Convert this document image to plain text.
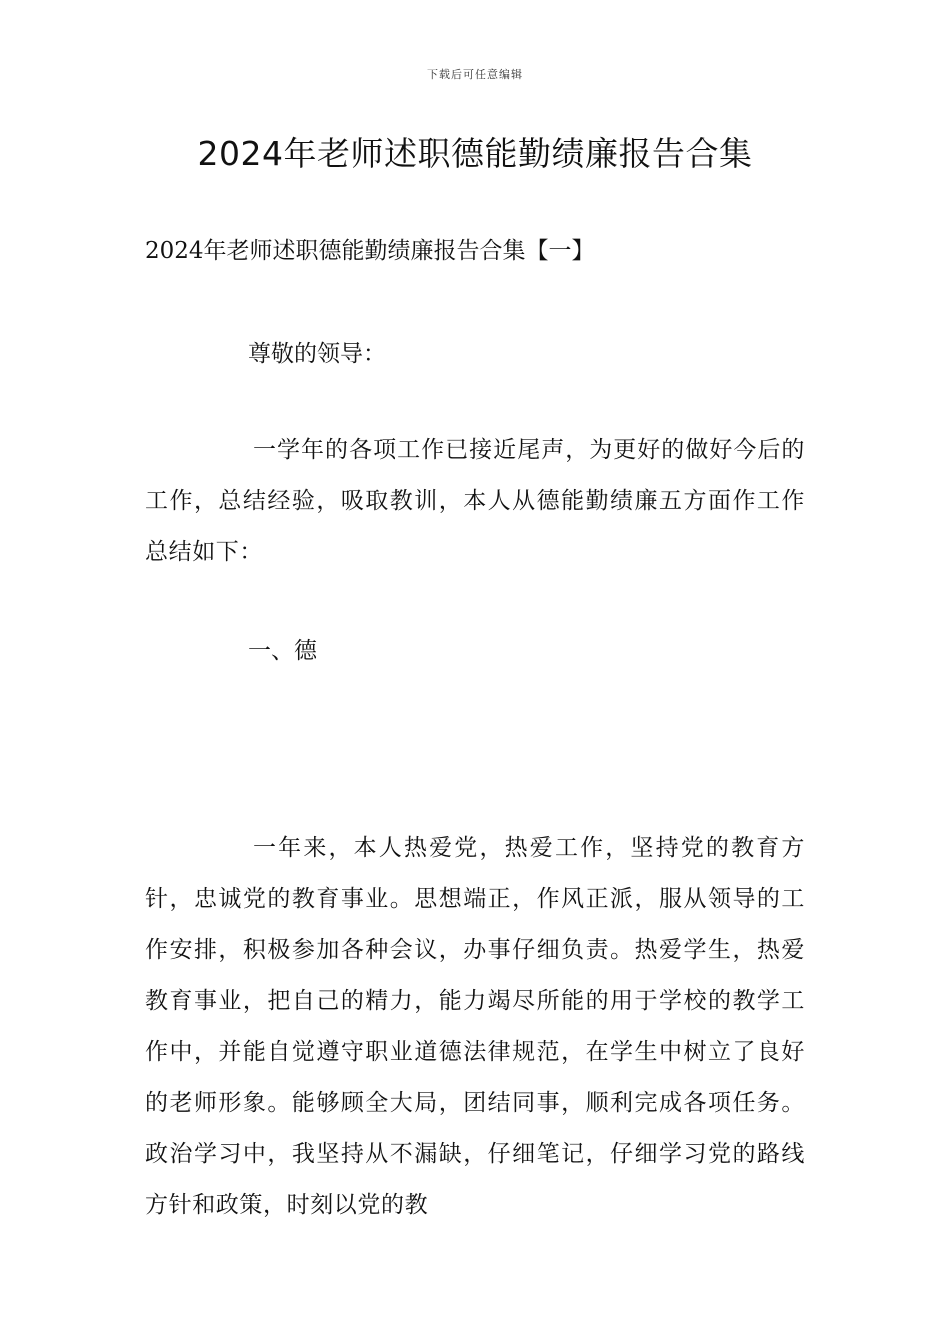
下载后可任意编辑
2024年老师述职德能勤绩廉报告合集
2024年老师述职德能勤绩廉报告合集【一】
尊敬的领导：

一学年的各项工作已接近尾声，为更好的做好今后的工作，总结经验，吸取教训，本人从德能勤绩廉五方面作工作总结如下：

一、德

一年来，本人热爱党，热爱工作，坚持党的教育方针，忠诚党的教育事业。思想端正，作风正派，服从领导的工作安排，积极参加各种会议，办事仔细负责。热爱学生，热爱教育事业，把自己的精力，能力竭尽所能的用于学校的教学工作中，并能自觉遵守职业道德法律规范，在学生中树立了良好的老师形象。能够顾全大局，团结同事，顺利完成各项任务。政治学习中，我坚持从不漏缺，仔细笔记，仔细学习党的路线方针和政策，时刻以党的教
